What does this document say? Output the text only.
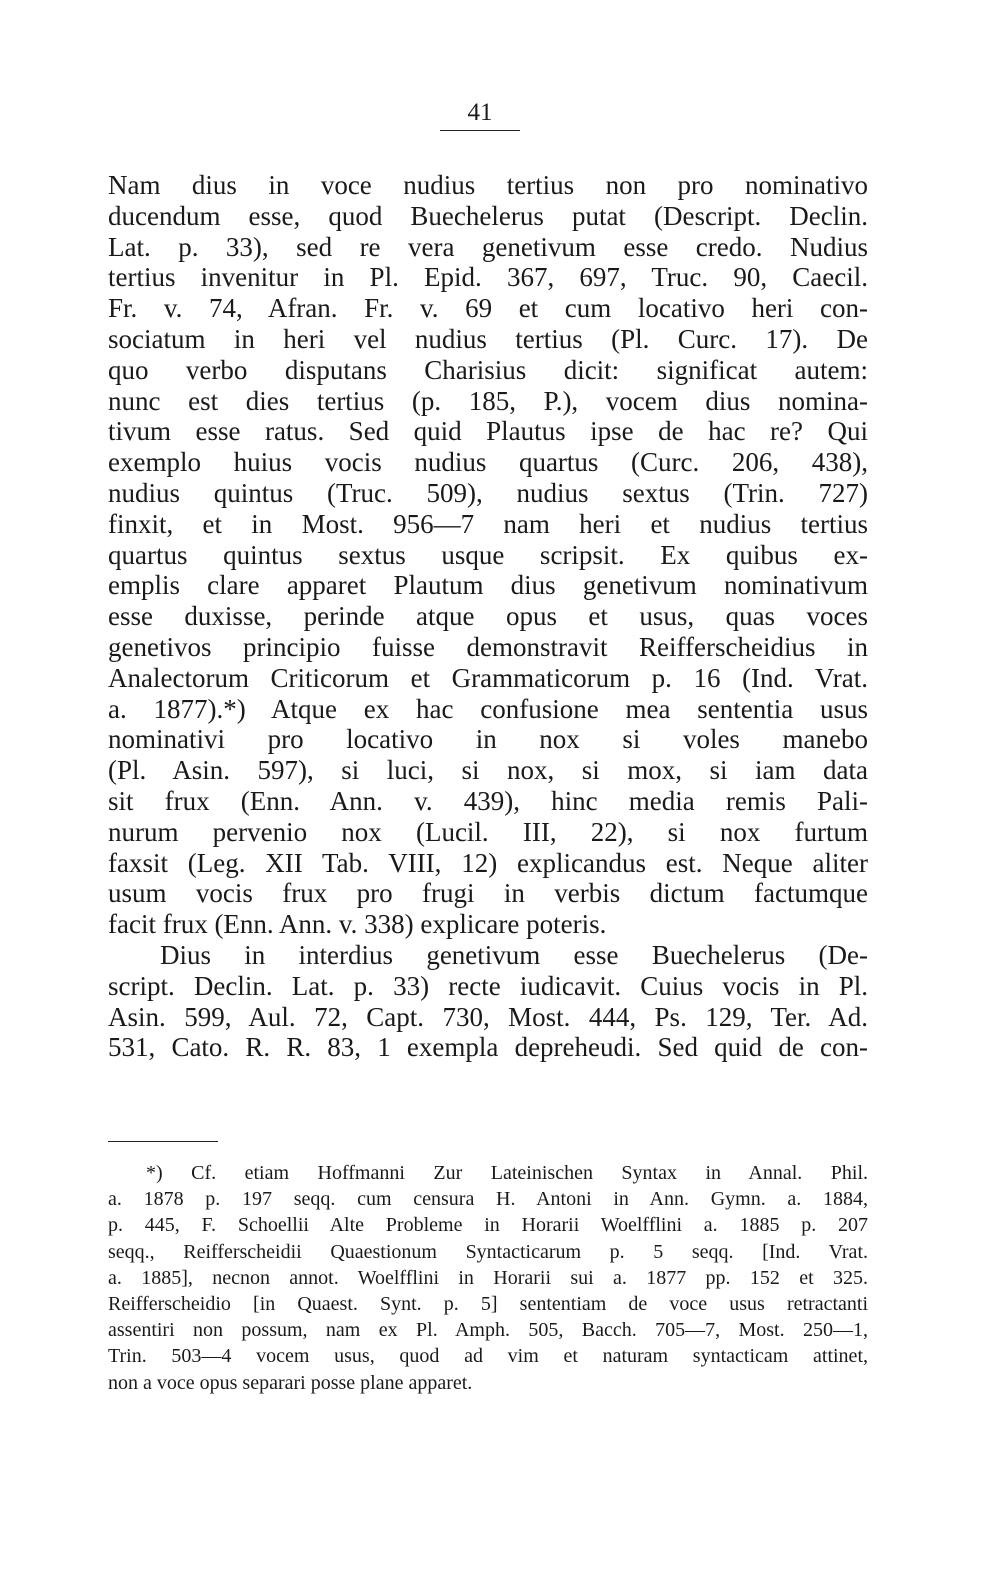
41
Nam dius in voce nudius tertius non pro nominativo
ducendum esse, quod Buechelerus putat (Descript. Declin.
Lat. p. 33), sed re vera genetivum esse credo. Nudius
tertius invenitur in Pl. Epid. 367, 697, Truc. 90, Caecil.
Fr. v. 74, Afran. Fr. v. 69 et cum locativo heri con-
sociatum in heri vel nudius tertius (Pl. Curc. 17). De
quo verbo disputans Charisius dicit: significat autem:
nunc est dies tertius (p. 185, P.), vocem dius nomina-
tivum esse ratus. Sed quid Plautus ipse de hac re? Qui
exemplo huius vocis nudius quartus (Curc. 206, 438),
nudius quintus (Truc. 509), nudius sextus (Trin. 727)
finxit, et in Most. 956—7 nam heri et nudius tertius
quartus quintus sextus usque scripsit. Ex quibus ex-
emplis clare apparet Plautum dius genetivum nominativum
esse duxisse, perinde atque opus et usus, quas voces
genetivos principio fuisse demonstravit Reifferscheidius in
Analectorum Criticorum et Grammaticorum p. 16 (Ind. Vrat.
a. 1877).*) Atque ex hac confusione mea sententia usus
nominativi pro locativo in nox si voles manebo
(Pl. Asin. 597), si luci, si nox, si mox, si iam data
sit frux (Enn. Ann. v. 439), hinc media remis Pali-
nurum pervenio nox (Lucil. III, 22), si nox furtum
faxsit (Leg. XII Tab. VIII, 12) explicandus est. Neque aliter
usum vocis frux pro frugi in verbis dictum factumque
facit frux (Enn. Ann. v. 338) explicare poteris.
Dius in interdius genetivum esse Buechelerus (De-
script. Declin. Lat. p. 33) recte iudicavit. Cuius vocis in Pl.
Asin. 599, Aul. 72, Capt. 730, Most. 444, Ps. 129, Ter. Ad.
531, Cato. R. R. 83, 1 exempla depreheudi. Sed quid de con-
*) Cf. etiam Hoffmanni Zur Lateinischen Syntax in Annal. Phil.
a. 1878 p. 197 seqq. cum censura H. Antoni in Ann. Gymn. a. 1884,
p. 445, F. Schoellii Alte Probleme in Horarii Woelfflini a. 1885 p. 207
seqq., Reifferscheidii Quaestionum Syntacticarum p. 5 seqq. [Ind. Vrat.
a. 1885], necnon annot. Woelfflini in Horarii sui a. 1877 pp. 152 et 325.
Reifferscheidio [in Quaest. Synt. p. 5] sententiam de voce usus retractanti
assentiri non possum, nam ex Pl. Amph. 505, Bacch. 705—7, Most. 250—1,
Trin. 503—4 vocem usus, quod ad vim et naturam syntacticam attinet,
non a voce opus separari posse plane apparet.
